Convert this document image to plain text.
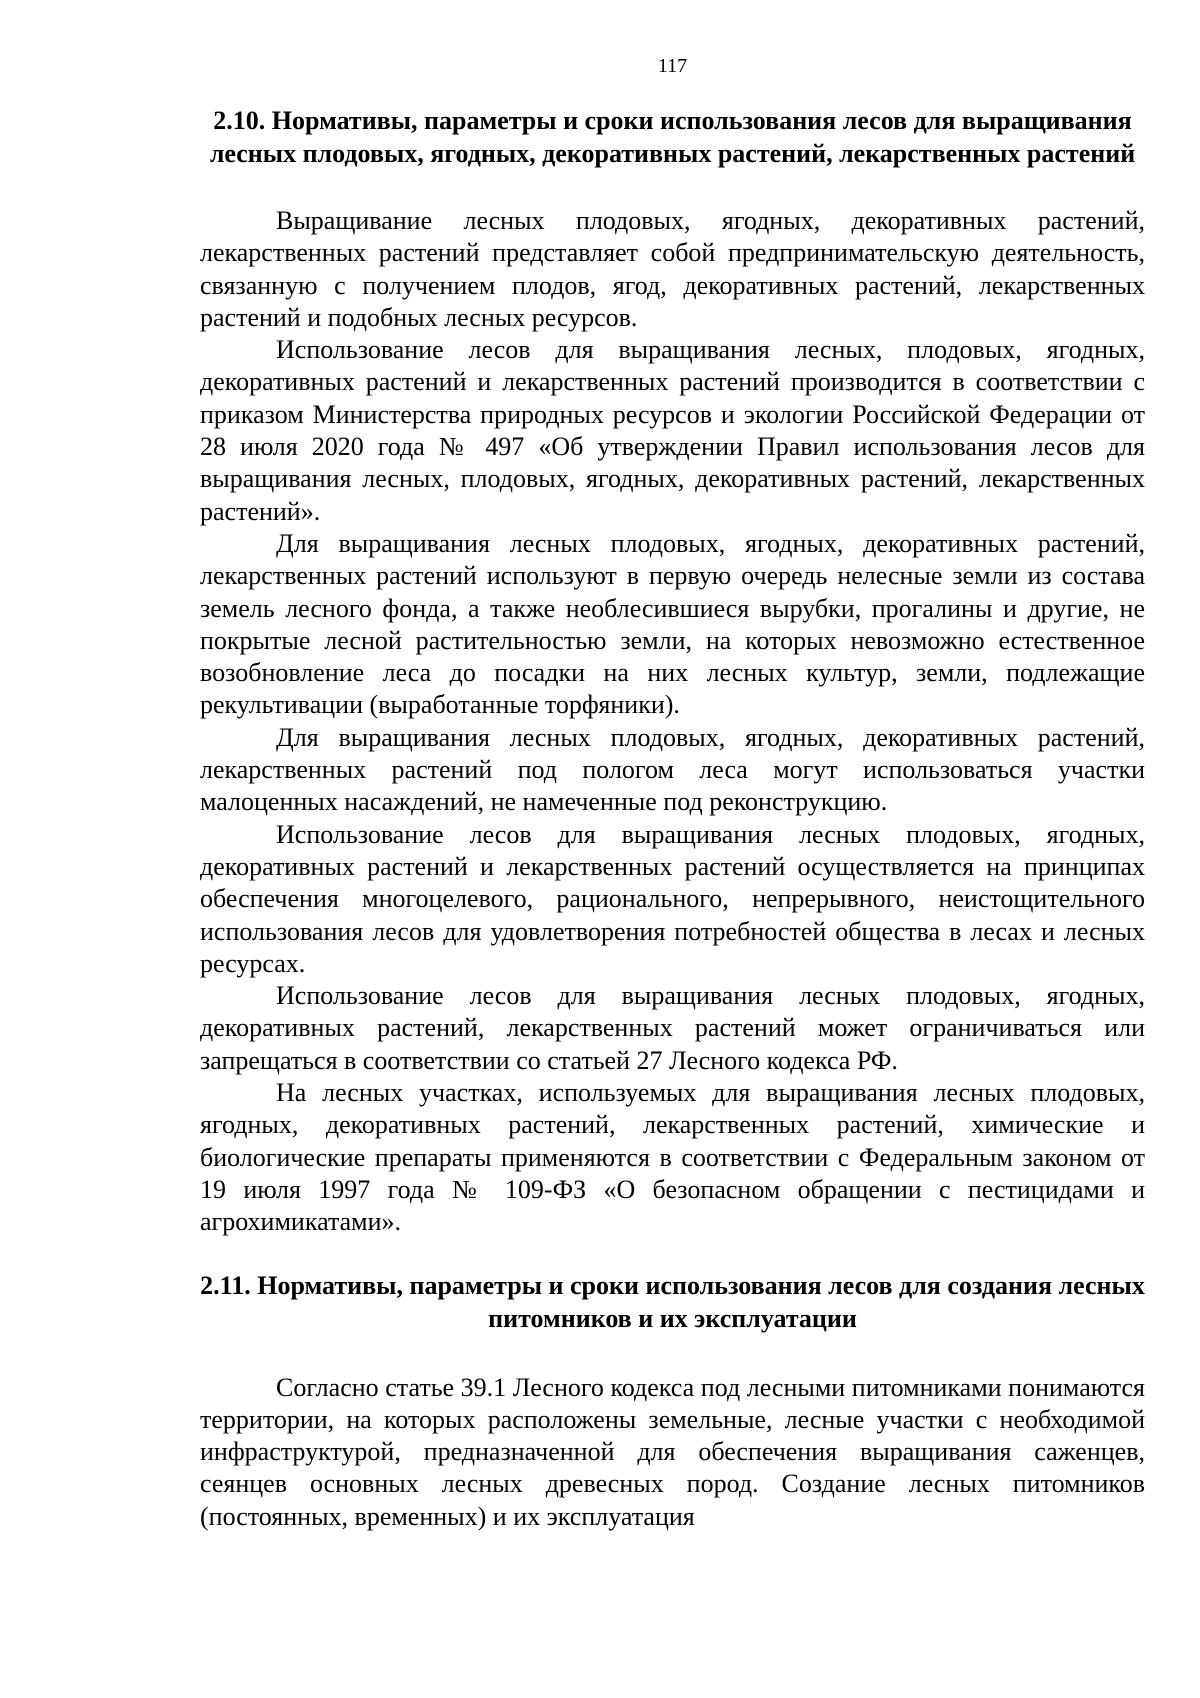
117
2.10. Нормативы, параметры и сроки использования лесов для выращивания лесных плодовых, ягодных, декоративных растений, лекарственных растений

Выращивание лесных плодовых, ягодных, декоративных растений, лекарственных растений представляет собой предпринимательскую деятельность, связанную с получением плодов, ягод, декоративных растений, лекарственных растений и подобных лесных ресурсов.

Использование лесов для выращивания лесных, плодовых, ягодных, декоративных растений и лекарственных растений производится в соответствии с приказом Министерства природных ресурсов и экологии Российской Федерации от 28 июля 2020 года № 497 «Об утверждении Правил использования лесов для выращивания лесных, плодовых, ягодных, декоративных растений, лекарственных растений».

Для выращивания лесных плодовых, ягодных, декоративных растений, лекарственных растений используют в первую очередь нелесные земли из состава земель лесного фонда, а также необлесившиеся вырубки, прогалины и другие, не покрытые лесной растительностью земли, на которых невозможно естественное возобновление леса до посадки на них лесных культур, земли, подлежащие рекультивации (выработанные торфяники).

Для выращивания лесных плодовых, ягодных, декоративных растений, лекарственных растений под пологом леса могут использоваться участки малоценных насаждений, не намеченные под реконструкцию.

Использование лесов для выращивания лесных плодовых, ягодных, декоративных растений и лекарственных растений осуществляется на принципах обеспечения многоцелевого, рационального, непрерывного, неистощительного использования лесов для удовлетворения потребностей общества в лесах и лесных ресурсах.

Использование лесов для выращивания лесных плодовых, ягодных, декоративных растений, лекарственных растений может ограничиваться или запрещаться в соответствии со статьей 27 Лесного кодекса РФ.

На лесных участках, используемых для выращивания лесных плодовых, ягодных, декоративных растений, лекарственных растений, химические и биологические препараты применяются в соответствии с Федеральным законом от 19 июля 1997 года № 109-ФЗ «О безопасном обращении с пестицидами и агрохимикатами».

2.11. Нормативы, параметры и сроки использования лесов для создания лесных питомников и их эксплуатации

Согласно статье 39.1 Лесного кодекса под лесными питомниками понимаются территории, на которых расположены земельные, лесные участки с необходимой инфраструктурой, предназначенной для обеспечения выращивания саженцев, сеянцев основных лесных древесных пород. Создание лесных питомников (постоянных, временных) и их эксплуатация
